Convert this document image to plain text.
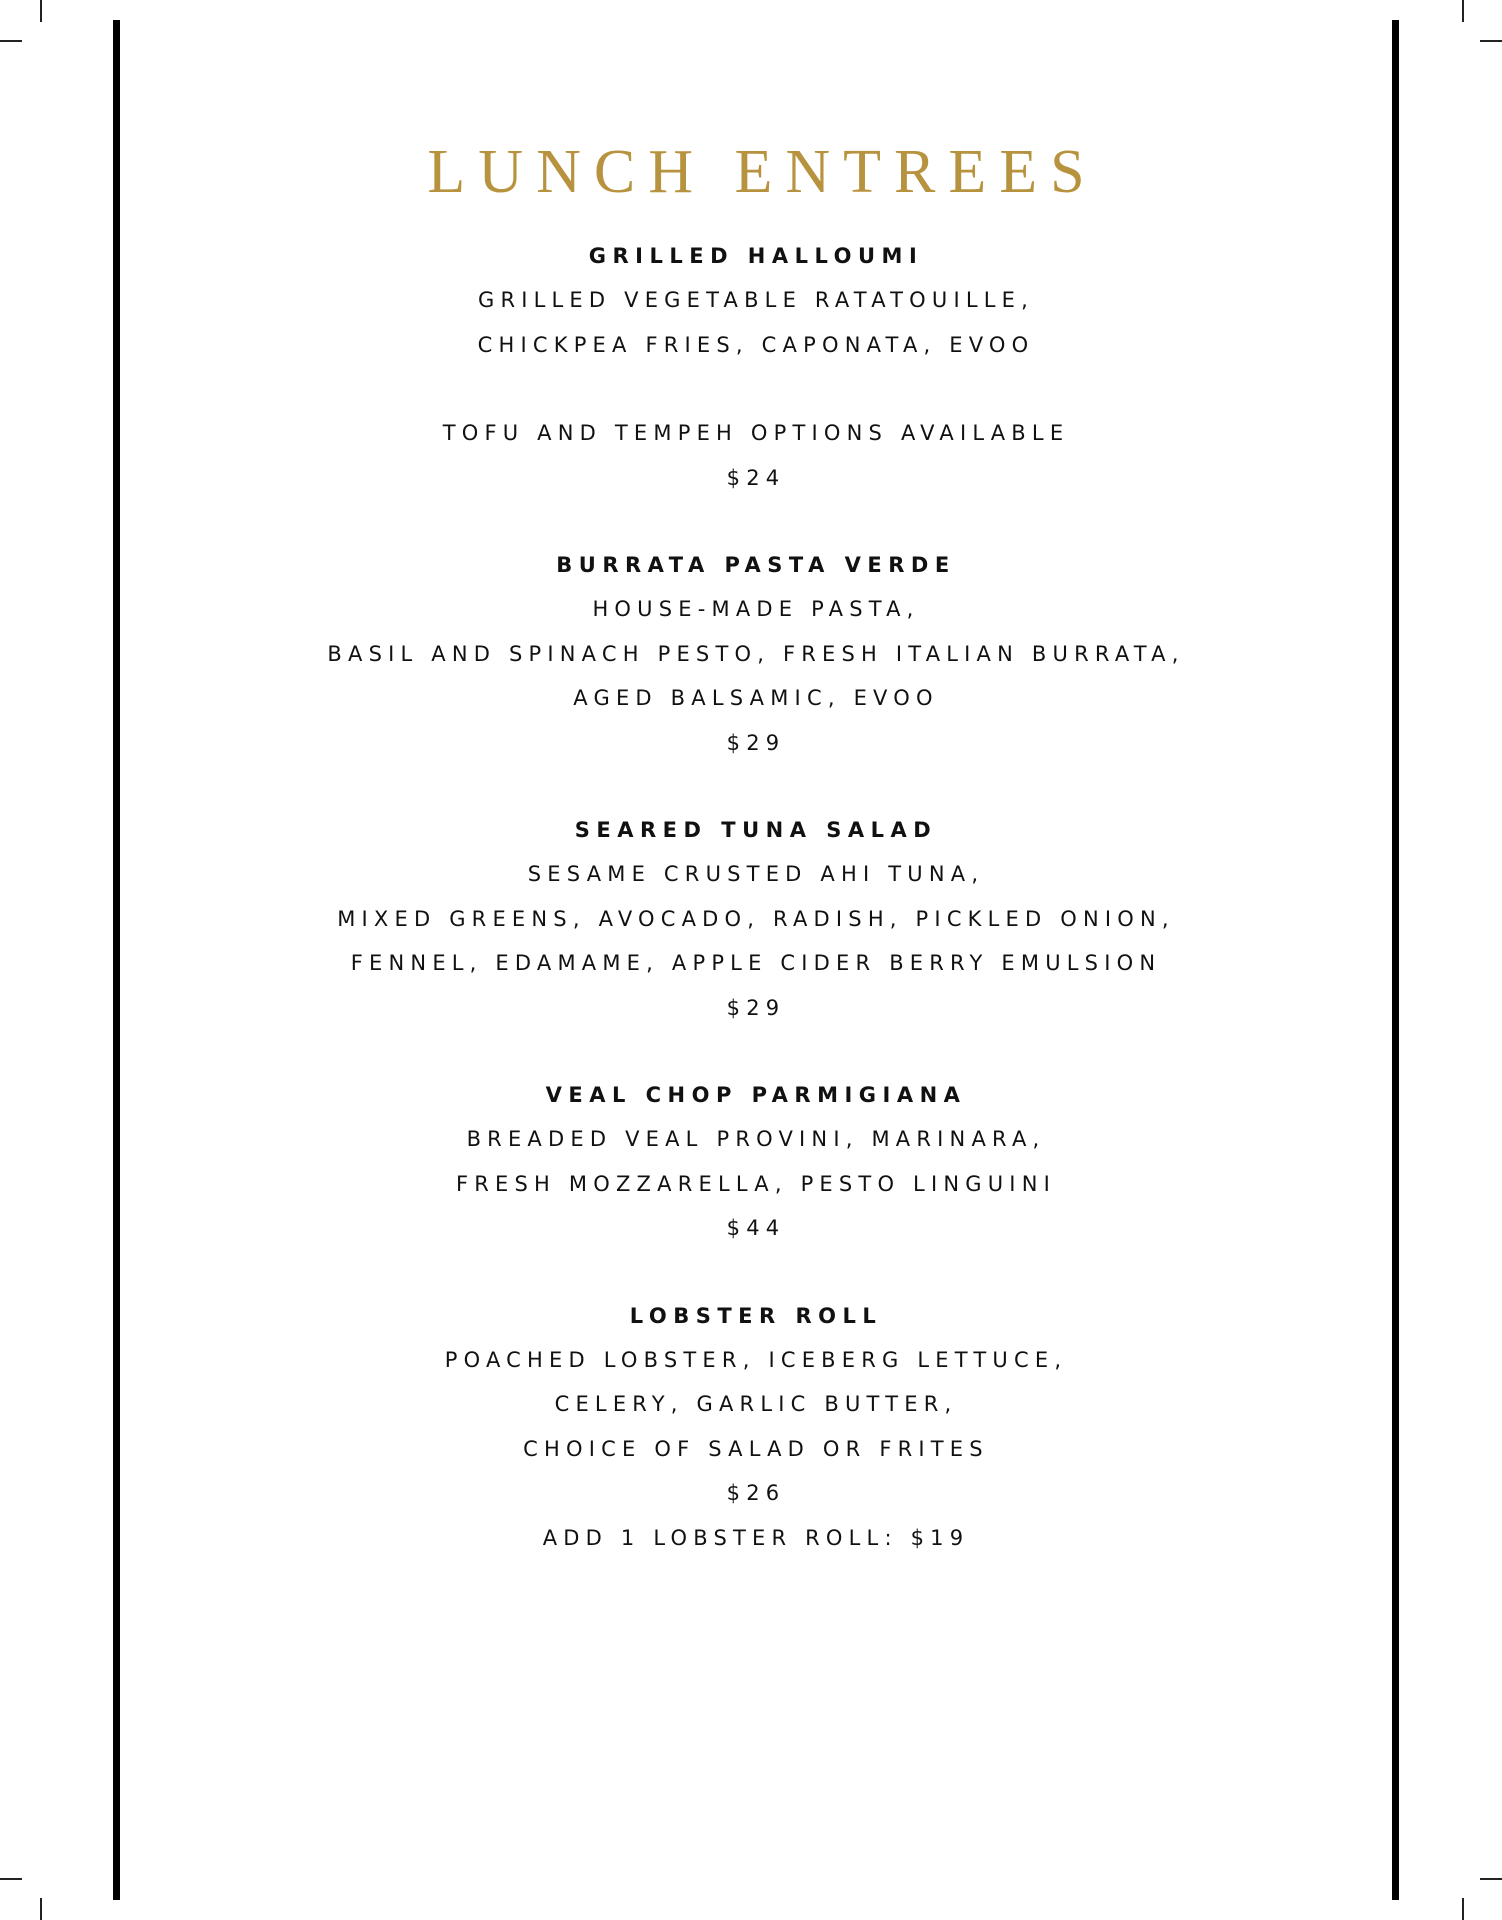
LUNCH ENTREES
GRILLED HALLOUMI
GRILLED VEGETABLE RATATOUILLE,
CHICKPEA FRIES, CAPONATA, EVOO
TOFU AND TEMPEH OPTIONS AVAILABLE
$24
BURRATA PASTA VERDE
HOUSE-MADE PASTA,
BASIL AND SPINACH PESTO, FRESH ITALIAN BURRATA,
AGED BALSAMIC, EVOO
$29
SEARED TUNA SALAD
SESAME CRUSTED AHI TUNA,
MIXED GREENS, AVOCADO, RADISH, PICKLED ONION,
FENNEL, EDAMAME, APPLE CIDER BERRY EMULSION
$29
VEAL CHOP PARMIGIANA
BREADED VEAL PROVINI, MARINARA,
FRESH MOZZARELLA, PESTO LINGUINI
$44
LOBSTER ROLL
POACHED LOBSTER, ICEBERG LETTUCE,
CELERY, GARLIC BUTTER,
CHOICE OF SALAD OR FRITES
$26
ADD 1 LOBSTER ROLL: $19
